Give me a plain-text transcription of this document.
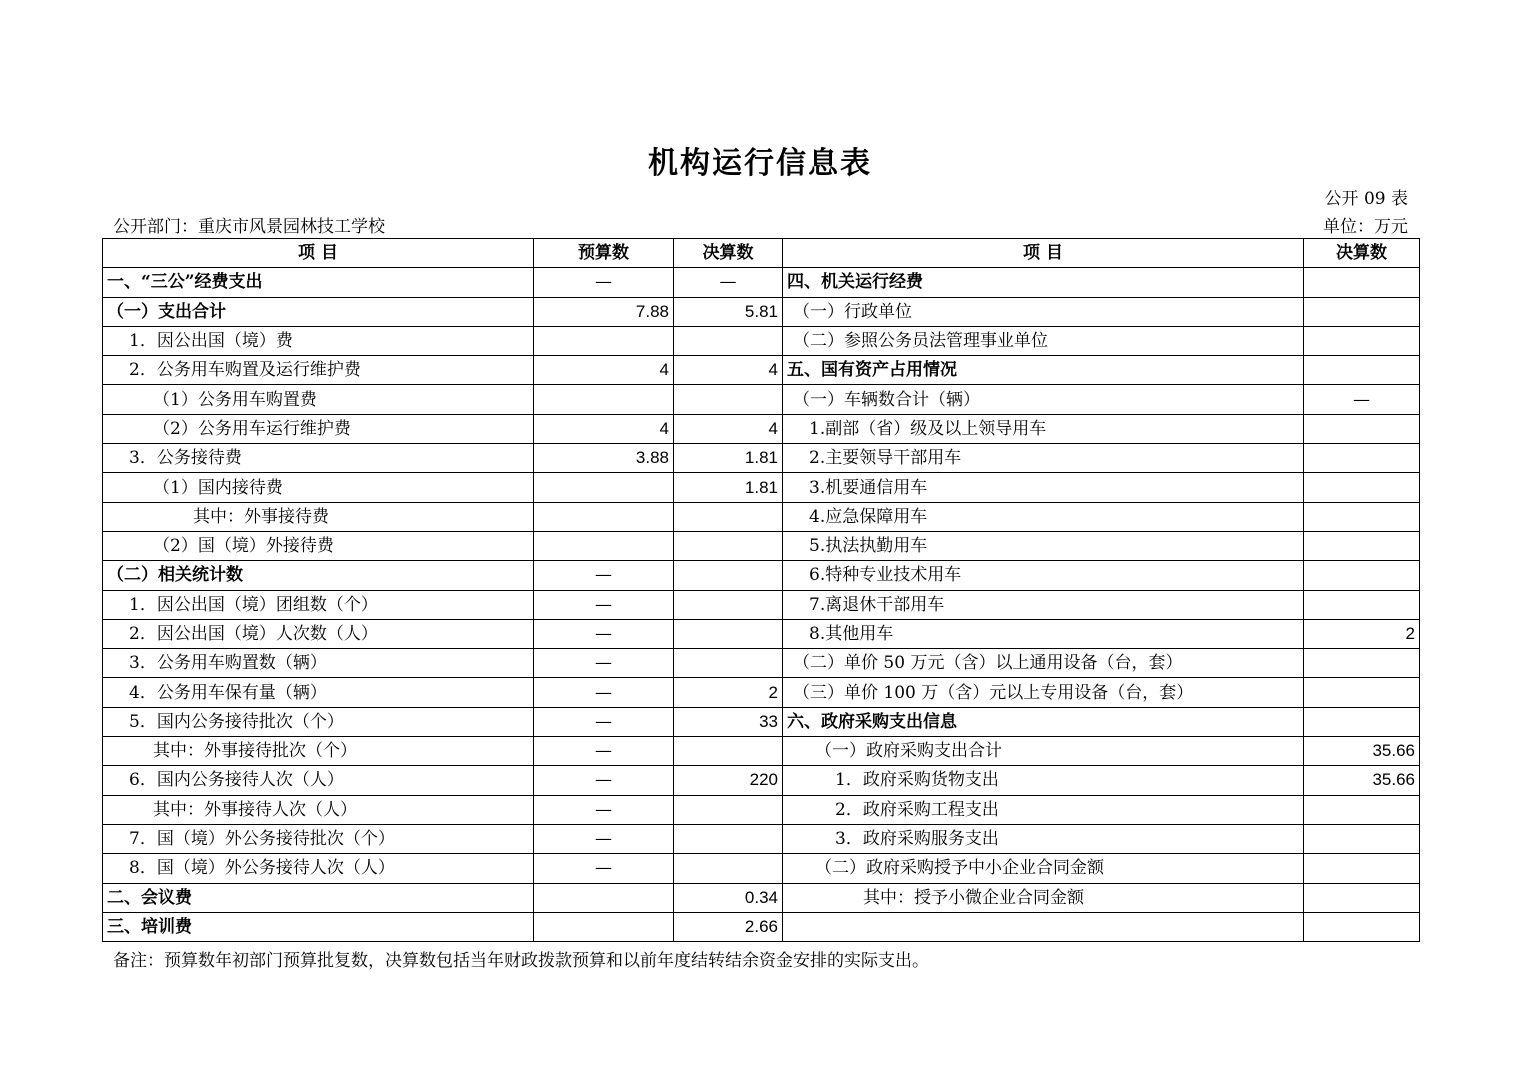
机构运行信息表
公开 09 表
公开部门：重庆市风景园林技工学校	单位：万元
项 目	预算数	决算数	项 目	决算数
一、“三公”经费支出	—	—	四、机关运行经费	
（一）支出合计	7.88	5.81	（一）行政单位	
1．因公出国（境）费			（二）参照公务员法管理事业单位	
2．公务用车购置及运行维护费	4	4	五、国有资产占用情况	
（1）公务用车购置费			（一）车辆数合计（辆）	—
（2）公务用车运行维护费	4	4	1.副部（省）级及以上领导用车	
3．公务接待费	3.88	1.81	2.主要领导干部用车	
（1）国内接待费		1.81	3.机要通信用车	
其中：外事接待费			4.应急保障用车	
（2）国（境）外接待费			5.执法执勤用车	
（二）相关统计数	—		6.特种专业技术用车	
1．因公出国（境）团组数（个）	—		7.离退休干部用车	
2．因公出国（境）人次数（人）	—		8.其他用车	2
3．公务用车购置数（辆）	—		（二）单价 50 万元（含）以上通用设备（台，套）	
4．公务用车保有量（辆）	—	2	（三）单价 100 万（含）元以上专用设备（台，套）	
5．国内公务接待批次（个）	—	33	六、政府采购支出信息	
其中：外事接待批次（个）	—		（一）政府采购支出合计	35.66
6．国内公务接待人次（人）	—	220	1．政府采购货物支出	35.66
其中：外事接待人次（人）	—		2．政府采购工程支出	
7．国（境）外公务接待批次（个）	—		3．政府采购服务支出	
8．国（境）外公务接待人次（人）	—		（二）政府采购授予中小企业合同金额	
二、会议费		0.34	其中：授予小微企业合同金额	
三、培训费		2.66		
备注：预算数年初部门预算批复数，决算数包括当年财政拨款预算和以前年度结转结余资金安排的实际支出。
